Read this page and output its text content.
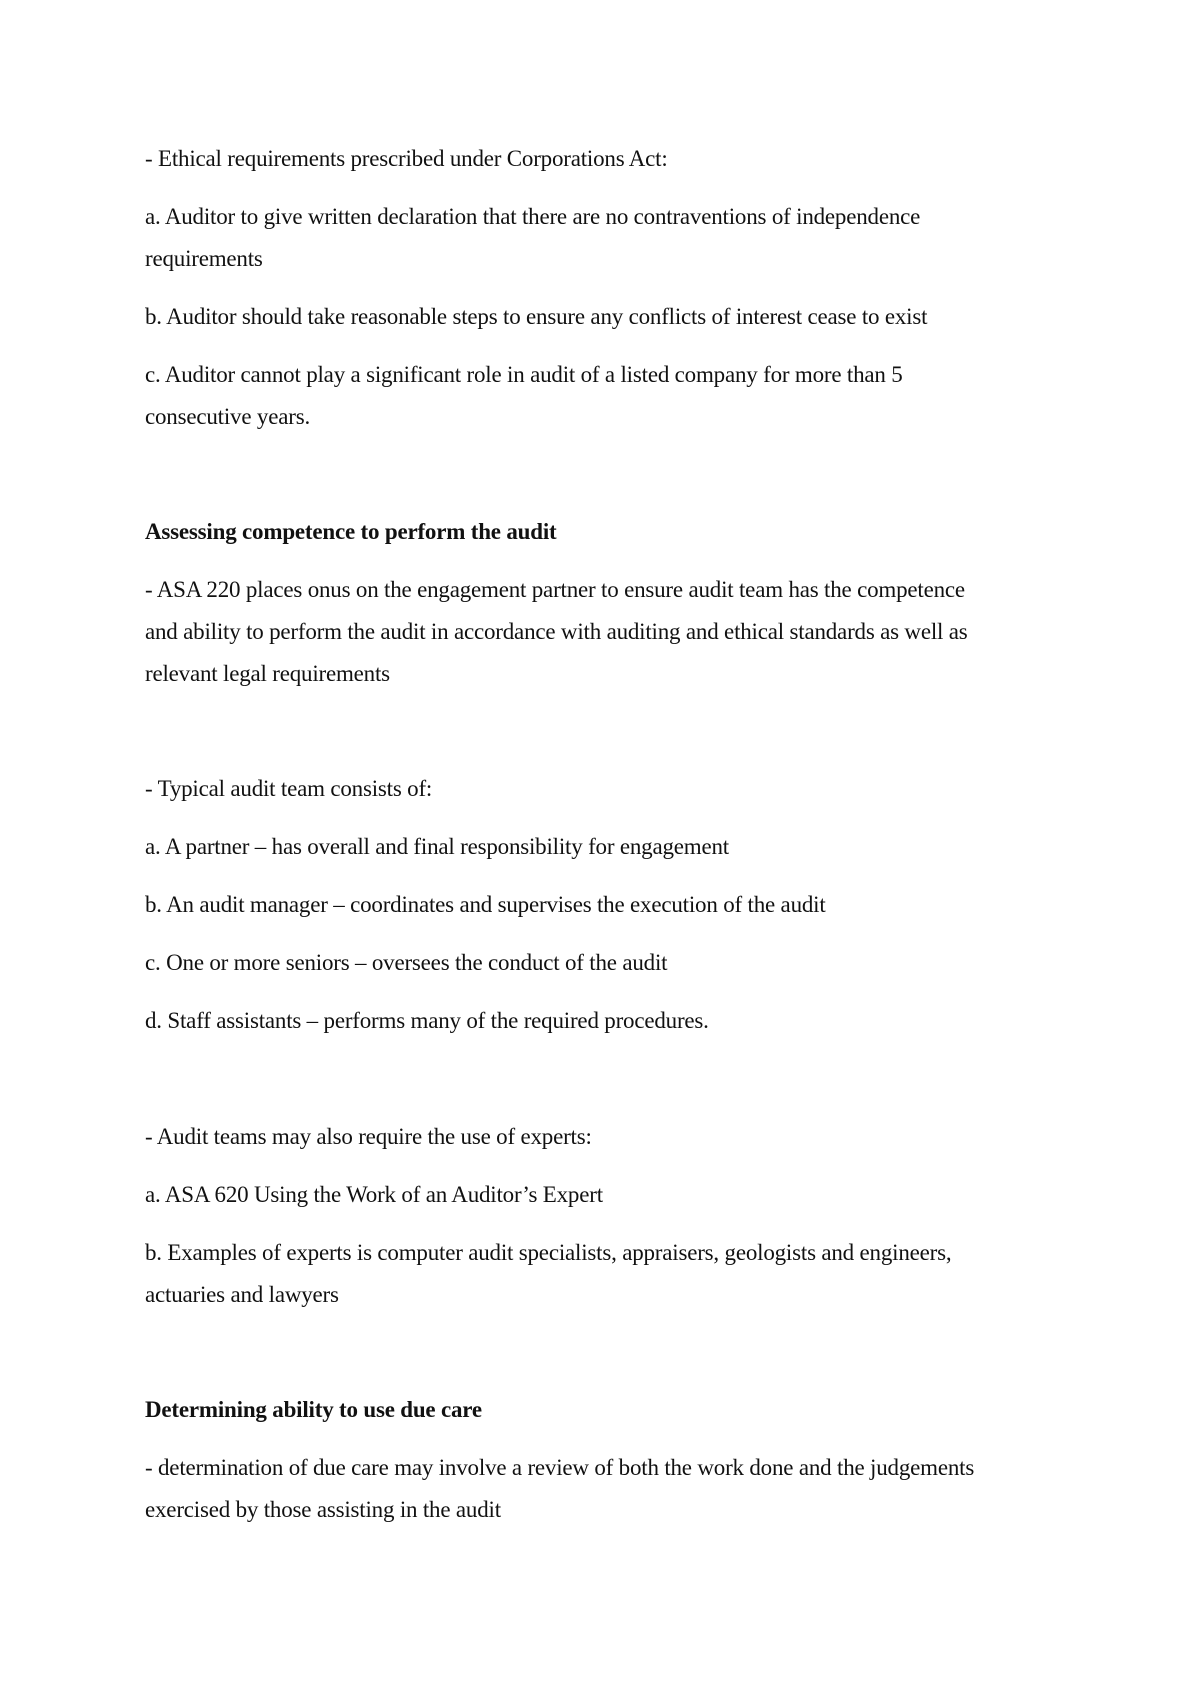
- Ethical requirements prescribed under Corporations Act:
a. Auditor to give written declaration that there are no contraventions of independence
requirements
b. Auditor should take reasonable steps to ensure any conflicts of interest cease to exist
c. Auditor cannot play a significant role in audit of a listed company for more than 5
consecutive years.
Assessing competence to perform the audit
- ASA 220 places onus on the engagement partner to ensure audit team has the competence
and ability to perform the audit in accordance with auditing and ethical standards as well as
relevant legal requirements
- Typical audit team consists of:
a. A partner – has overall and final responsibility for engagement
b. An audit manager – coordinates and supervises the execution of the audit
c. One or more seniors – oversees the conduct of the audit
d. Staff assistants – performs many of the required procedures.
- Audit teams may also require the use of experts:
a. ASA 620 Using the Work of an Auditor’s Expert
b. Examples of experts is computer audit specialists, appraisers, geologists and engineers,
actuaries and lawyers
Determining ability to use due care
- determination of due care may involve a review of both the work done and the judgements
exercised by those assisting in the audit
